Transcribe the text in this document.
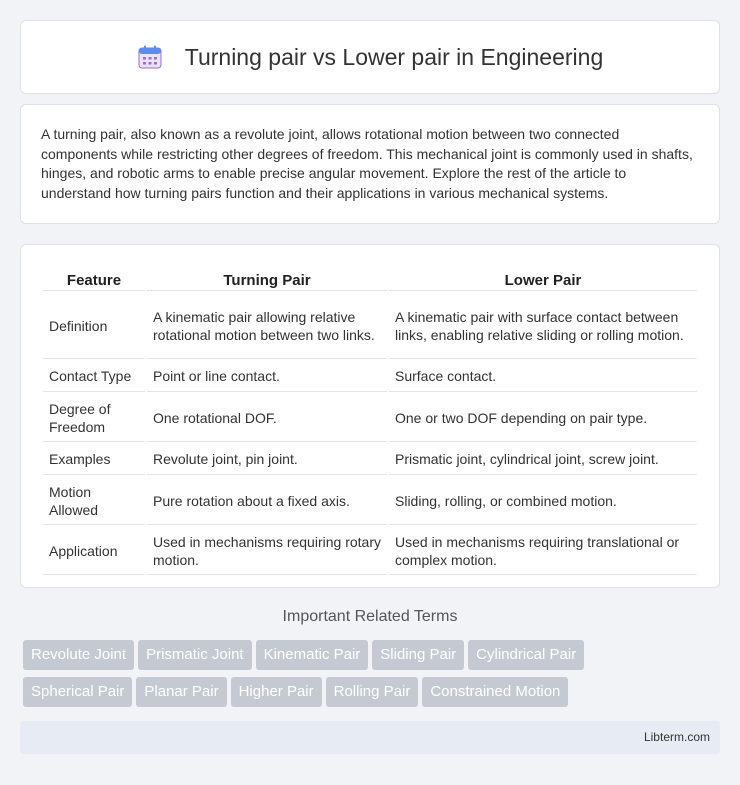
Turning pair vs Lower pair in Engineering

A turning pair, also known as a revolute joint, allows rotational motion between two connected components while restricting other degrees of freedom. This mechanical joint is commonly used in shafts, hinges, and robotic arms to enable precise angular movement. Explore the rest of the article to understand how turning pairs function and their applications in various mechanical systems.

Feature	Turning Pair	Lower Pair
Definition	A kinematic pair allowing relative rotational motion between two links.	A kinematic pair with surface contact between links, enabling relative sliding or rolling motion.
Contact Type	Point or line contact.	Surface contact.
Degree of Freedom	One rotational DOF.	One or two DOF depending on pair type.
Examples	Revolute joint, pin joint.	Prismatic joint, cylindrical joint, screw joint.
Motion Allowed	Pure rotation about a fixed axis.	Sliding, rolling, or combined motion.
Application	Used in mechanisms requiring rotary motion.	Used in mechanisms requiring translational or complex motion.
Important Related Terms
Revolute Joint Prismatic Joint Kinematic Pair Sliding Pair Cylindrical Pair
Spherical Pair Planar Pair Higher Pair Rolling Pair Constrained Motion
Libterm.com
